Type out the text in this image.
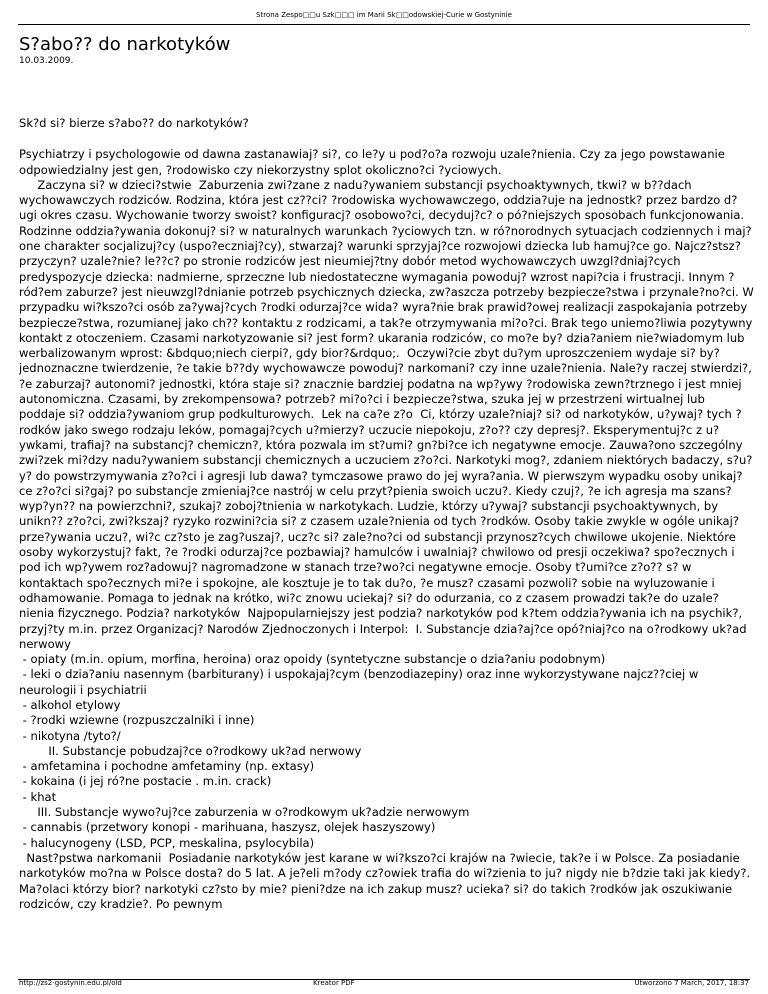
Strona Zespo□□u Szk□□□ im Marii Sk□□odowskiej-Curie w Gostyninie
S?abo?? do narkotyków
10.03.2009.

Sk?d si? bierze s?abo?? do narkotyków?

Psychiatrzy i psychologowie od dawna zastanawiaj? si?, co le?y u pod?o?a rozwoju uzale?nienia. Czy za jego powstawanie odpowiedzialny jest gen, ?rodowisko czy niekorzystny splot okoliczno?ci ?yciowych.
Zaczyna si? w dzieci?stwie  Zaburzenia zwi?zane z nadu?ywaniem substancji psychoaktywnych, tkwi? w b??dach wychowawczych rodziców. Rodzina, która jest cz??ci? ?rodowiska wychowawczego, oddzia?uje na jednostk? przez bardzo d?ugi okres czasu. Wychowanie tworzy swoist? konfiguracj? osobowo?ci, decyduj?c? o pó?niejszych sposobach funkcjonowania. Rodzinne oddzia?ywania dokonuj? si? w naturalnych warunkach ?yciowych tzn. w ró?norodnych sytuacjach codziennych i maj? one charakter socjalizuj?cy (uspo?eczniaj?cy), stwarzaj? warunki sprzyjaj?ce rozwojowi dziecka lub hamuj?ce go. Najcz?stsz? przyczyn? uzale?nie? le??c? po stronie rodziców jest nieumiej?tny dobór metod wychowawczych uwzgl?dniaj?cych predyspozycje dziecka: nadmierne, sprzeczne lub niedostateczne wymagania powoduj? wzrost napi?cia i frustracji. Innym ?ród?em zaburze? jest nieuwzgl?dnianie potrzeb psychicznych dziecka, zw?aszcza potrzeby bezpiecze?stwa i przynale?no?ci. W przypadku wi?kszo?ci osób za?ywaj?cych ?rodki odurzaj?ce wida? wyra?nie brak prawid?owej realizacji zaspokajania potrzeby bezpiecze?stwa, rozumianej jako ch?? kontaktu z rodzicami, a tak?e otrzymywania mi?o?ci. Brak tego uniemo?liwia pozytywny kontakt z otoczeniem. Czasami narkotyzowanie si? jest form? ukarania rodziców, co mo?e by? dzia?aniem nie?wiadomym lub werbalizowanym wprost: &bdquo;niech cierpi?, gdy bior?&rdquo;.  Oczywi?cie zbyt du?ym uproszczeniem wydaje si? by? jednoznaczne twierdzenie, ?e takie b??dy wychowawcze powoduj? narkomani? czy inne uzale?nienia. Nale?y raczej stwierdzi?, ?e zaburzaj? autonomi? jednostki, która staje si? znacznie bardziej podatna na wp?ywy ?rodowiska zewn?trznego i jest mniej autonomiczna. Czasami, by zrekompensowa? potrzeb? mi?o?ci i bezpiecze?stwa, szuka jej w przestrzeni wirtualnej lub poddaje si? oddzia?ywaniom grup podkulturowych.  Lek na ca?e z?o  Ci, którzy uzale?niaj? si? od narkotyków, u?ywaj? tych ?rodków jako swego rodzaju leków, pomagaj?cych u?mierzy? uczucie niepokoju, z?o?? czy depresj?. Eksperymentuj?c z u?ywkami, trafiaj? na substancj? chemiczn?, która pozwala im st?umi? gn?bi?ce ich negatywne emocje. Zauwa?ono szczególny zwi?zek mi?dzy nadu?ywaniem substancji chemicznych a uczuciem z?o?ci. Narkotyki mog?, zdaniem niektórych badaczy, s?u?y? do powstrzymywania z?o?ci i agresji lub dawa? tymczasowe prawo do jej wyra?ania. W pierwszym wypadku osoby unikaj?ce z?o?ci si?gaj? po substancje zmieniaj?ce nastrój w celu przyt?pienia swoich uczu?. Kiedy czuj?, ?e ich agresja ma szans? wyp?yn?? na powierzchni?, szukaj? zoboj?tnienia w narkotykach. Ludzie, którzy u?ywaj? substancji psychoaktywnych, by unikn?? z?o?ci, zwi?kszaj? ryzyko rozwini?cia si? z czasem uzale?nienia od tych ?rodków. Osoby takie zwykle w ogóle unikaj? prze?ywania uczu?, wi?c cz?sto je zag?uszaj?, ucz?c si? zale?no?ci od substancji przynosz?cych chwilowe ukojenie. Niektóre osoby wykorzystuj? fakt, ?e ?rodki odurzaj?ce pozbawiaj? hamulców i uwalniaj? chwilowo od presji oczekiwa? spo?ecznych i pod ich wp?ywem roz?adowuj? nagromadzone w stanach trze?wo?ci negatywne emocje. Osoby t?umi?ce z?o?? s? w kontaktach spo?ecznych mi?e i spokojne, ale kosztuje je to tak du?o, ?e musz? czasami pozwoli? sobie na wyluzowanie i odhamowanie. Pomaga to jednak na krótko, wi?c znowu uciekaj? si? do odurzania, co z czasem prowadzi tak?e do uzale?nienia fizycznego. Podzia? narkotyków  Najpopularniejszy jest podzia? narkotyków pod k?tem oddzia?ywania ich na psychik?, przyj?ty m.in. przez Organizacj? Narodów Zjednoczonych i Interpol:  I. Substancje dzia?aj?ce opó?niaj?co na o?rodkowy uk?ad nerwowy
- opiaty (m.in. opium, morfina, heroina) oraz opoidy (syntetyczne substancje o dzia?aniu podobnym)
- leki o dzia?aniu nasennym (barbiturany) i uspokajaj?cym (benzodiazepiny) oraz inne wykorzystywane najcz??ciej w neurologii i psychiatrii
- alkohol etylowy
- ?rodki wziewne (rozpuszczalniki i inne)
- nikotyna /tyto?/
II. Substancje pobudzaj?ce o?rodkowy uk?ad nerwowy
- amfetamina i pochodne amfetaminy (np. extasy)
- kokaina (i jej ró?ne postacie . m.in. crack)
- khat
III. Substancje wywo?uj?ce zaburzenia w o?rodkowym uk?adzie nerwowym
- cannabis (przetwory konopi - marihuana, haszysz, olejek haszyszowy)
- halucynogeny (LSD, PCP, meskalina, psylocybila)
Nast?pstwa narkomanii  Posiadanie narkotyków jest karane w wi?kszo?ci krajów na ?wiecie, tak?e i w Polsce. Za posiadanie narkotyków mo?na w Polsce dosta? do 5 lat. A je?eli m?ody cz?owiek trafia do wi?zienia to ju? nigdy nie b?dzie taki jak kiedy?. Ma?olaci którzy bior? narkotyki cz?sto by mie? pieni?dze na ich zakup musz? ucieka? si? do takich ?rodków jak oszukiwanie rodziców, czy kradzie?. Po pewnym

http://zs2-gostynin.edu.pl/old	Kreator PDF	Utworzono 7 March, 2017, 18:37
